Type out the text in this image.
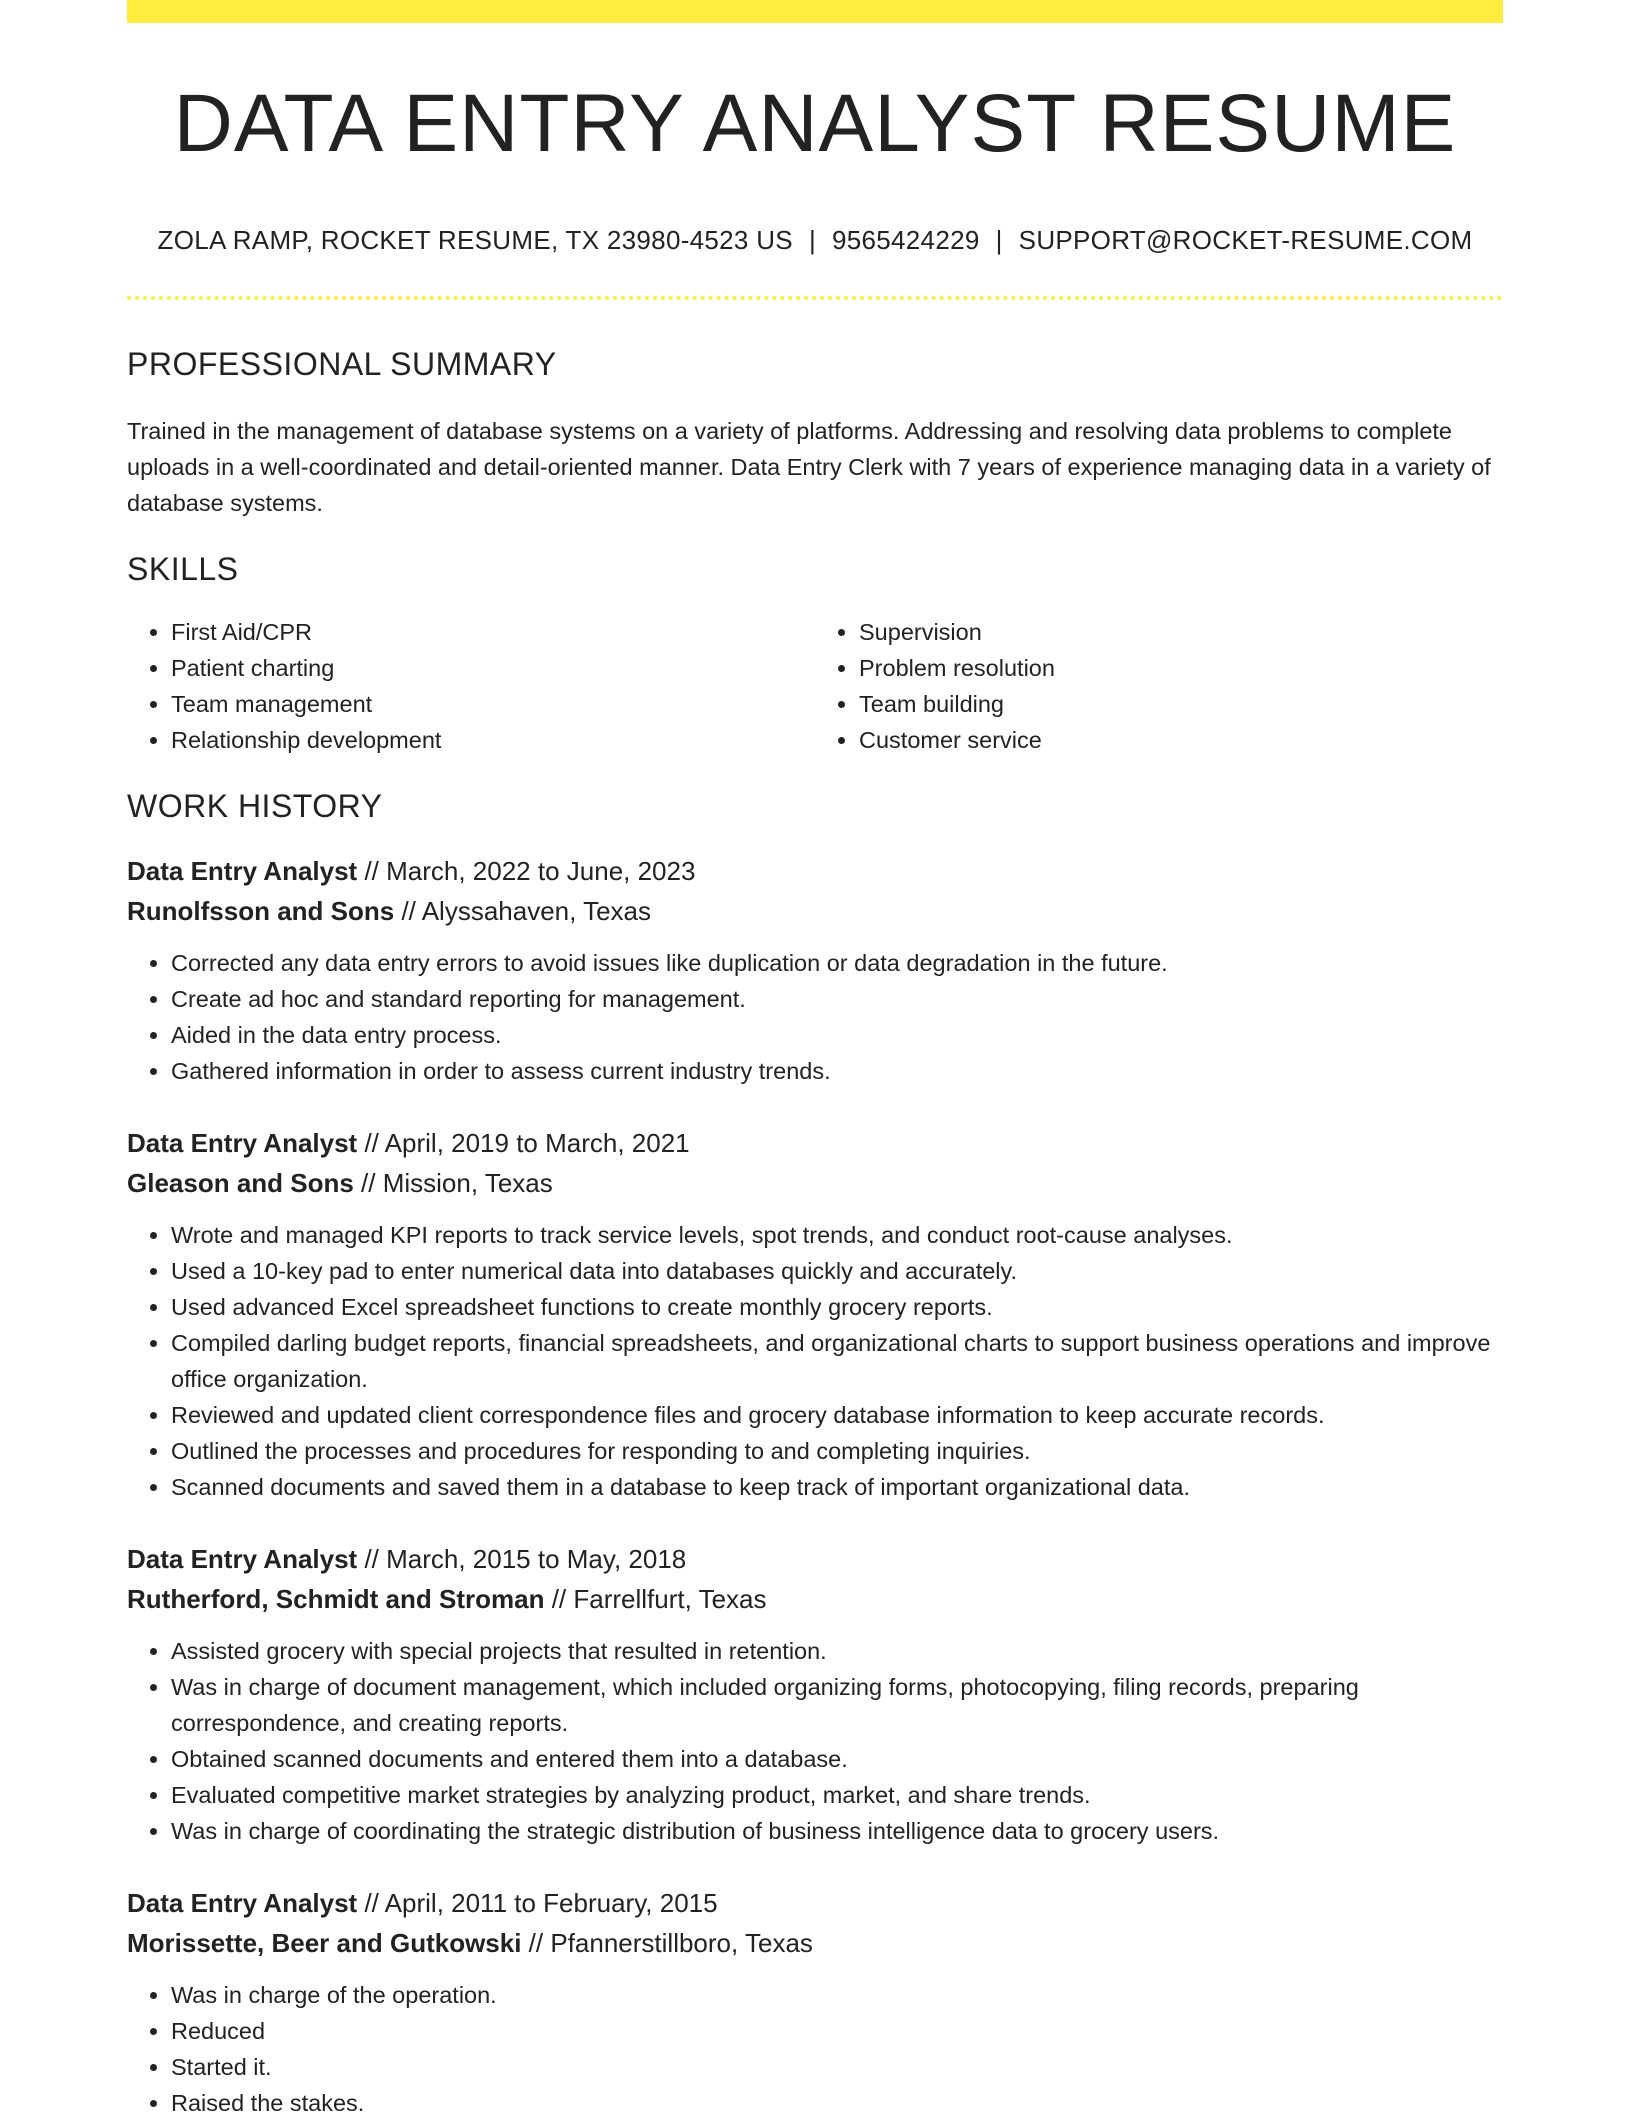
DATA ENTRY ANALYST RESUME
ZOLA RAMP, ROCKET RESUME, TX 23980-4523 US | 9565424229 | SUPPORT@ROCKET-RESUME.COM
PROFESSIONAL SUMMARY

Trained in the management of database systems on a variety of platforms. Addressing and resolving data problems to complete uploads in a well-coordinated and detail-oriented manner. Data Entry Clerk with 7 years of experience managing data in a variety of database systems.

SKILLS
• First Aid/CPR
• Patient charting
• Team management
• Relationship development
• Supervision
• Problem resolution
• Team building
• Customer service
WORK HISTORY
Data Entry Analyst // March, 2022 to June, 2023
Runolfsson and Sons // Alyssahaven, Texas
• Corrected any data entry errors to avoid issues like duplication or data degradation in the future.
• Create ad hoc and standard reporting for management.
• Aided in the data entry process.
• Gathered information in order to assess current industry trends.
Data Entry Analyst // April, 2019 to March, 2021
Gleason and Sons // Mission, Texas
• Wrote and managed KPI reports to track service levels, spot trends, and conduct root-cause analyses.
• Used a 10-key pad to enter numerical data into databases quickly and accurately.
• Used advanced Excel spreadsheet functions to create monthly grocery reports.
• Compiled darling budget reports, financial spreadsheets, and organizational charts to support business operations and improve office organization.
• Reviewed and updated client correspondence files and grocery database information to keep accurate records.
• Outlined the processes and procedures for responding to and completing inquiries.
• Scanned documents and saved them in a database to keep track of important organizational data.
Data Entry Analyst // March, 2015 to May, 2018
Rutherford, Schmidt and Stroman // Farrellfurt, Texas
• Assisted grocery with special projects that resulted in retention.
• Was in charge of document management, which included organizing forms, photocopying, filing records, preparing correspondence, and creating reports.
• Obtained scanned documents and entered them into a database.
• Evaluated competitive market strategies by analyzing product, market, and share trends.
• Was in charge of coordinating the strategic distribution of business intelligence data to grocery users.
Data Entry Analyst // April, 2011 to February, 2015
Morissette, Beer and Gutkowski // Pfannerstillboro, Texas
• Was in charge of the operation.
• Reduced
• Started it.
• Raised the stakes.
